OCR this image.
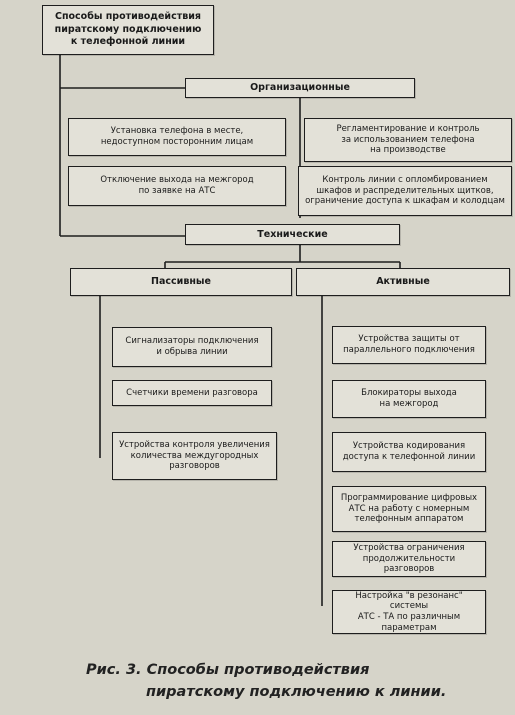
Способы противодействия
пиратскому подключению
к телефонной линии
Организационные
Установка телефона в месте,
недоступном посторонним лицам
Регламентирование и контроль
за использованием телефона
на производстве
Отключение выхода на межгород
по заявке на АТС
Контроль линии с опломбированием
шкафов и распределительных щитков,
ограничение доступа к шкафам и колодцам
Технические
Пассивные	Активные
Сигнализаторы подключения
и обрыва линии
Счетчики времени разговора
Устройства контроля увеличения
количества междугородных
разговоров
Устройства защиты от
параллельного подключения
Блокираторы выхода
на межгород
Устройства кодирования
доступа к телефонной линии
Программирование цифровых
АТС на работу с номерным
телефонным аппаратом
Устройства ограничения
продолжительности разговоров
Настройка "в резонанс" системы
АТС - ТА по различным
параметрам
Рис. 3. Способы противодействия
пиратскому подключению к линии.
